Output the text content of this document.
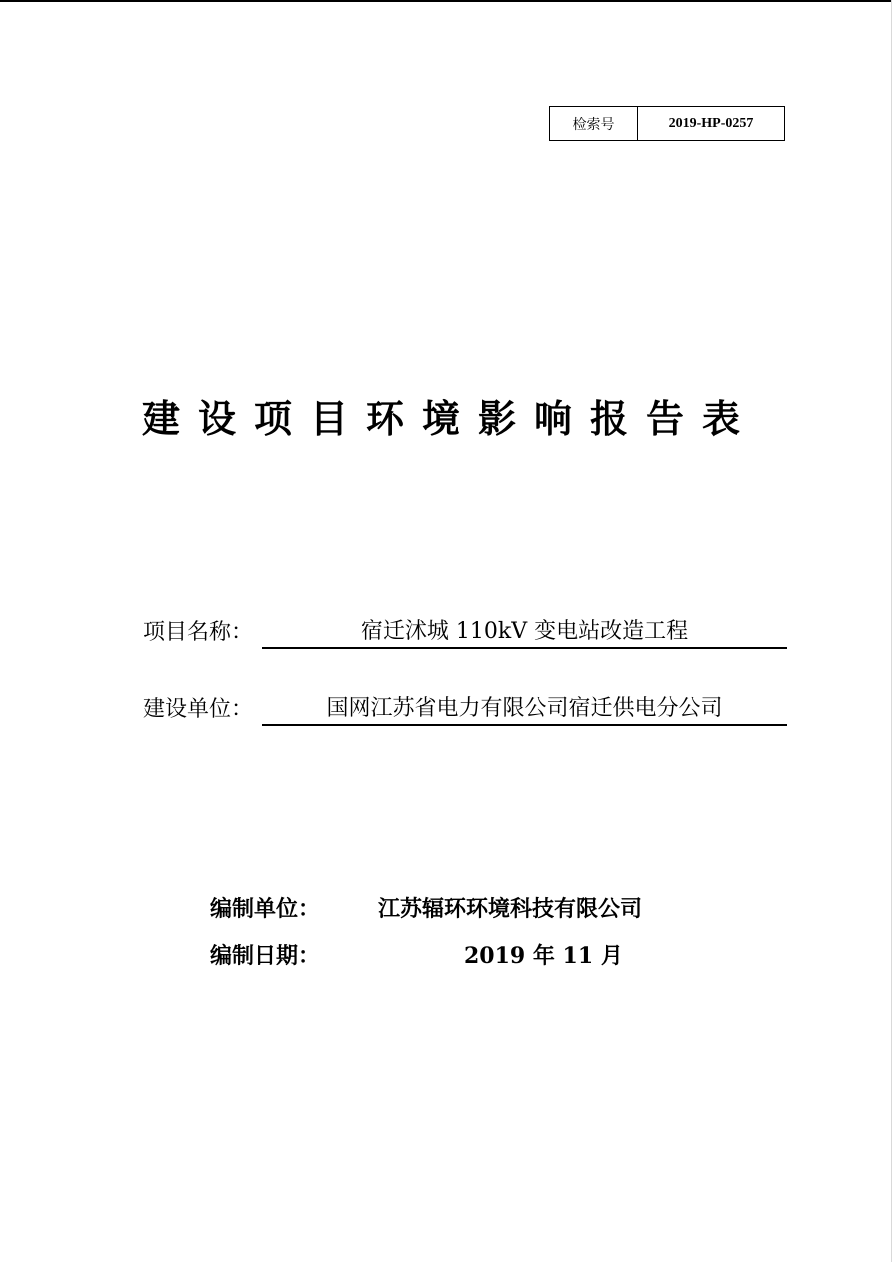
检索号	2019-HP-0257
建设项目环境影响报告表
项目名称：	宿迁沭城 110kV 变电站改造工程
建设单位：	国网江苏省电力有限公司宿迁供电分公司
编制单位：	江苏辐环环境科技有限公司
编制日期：	2019 年 11 月
